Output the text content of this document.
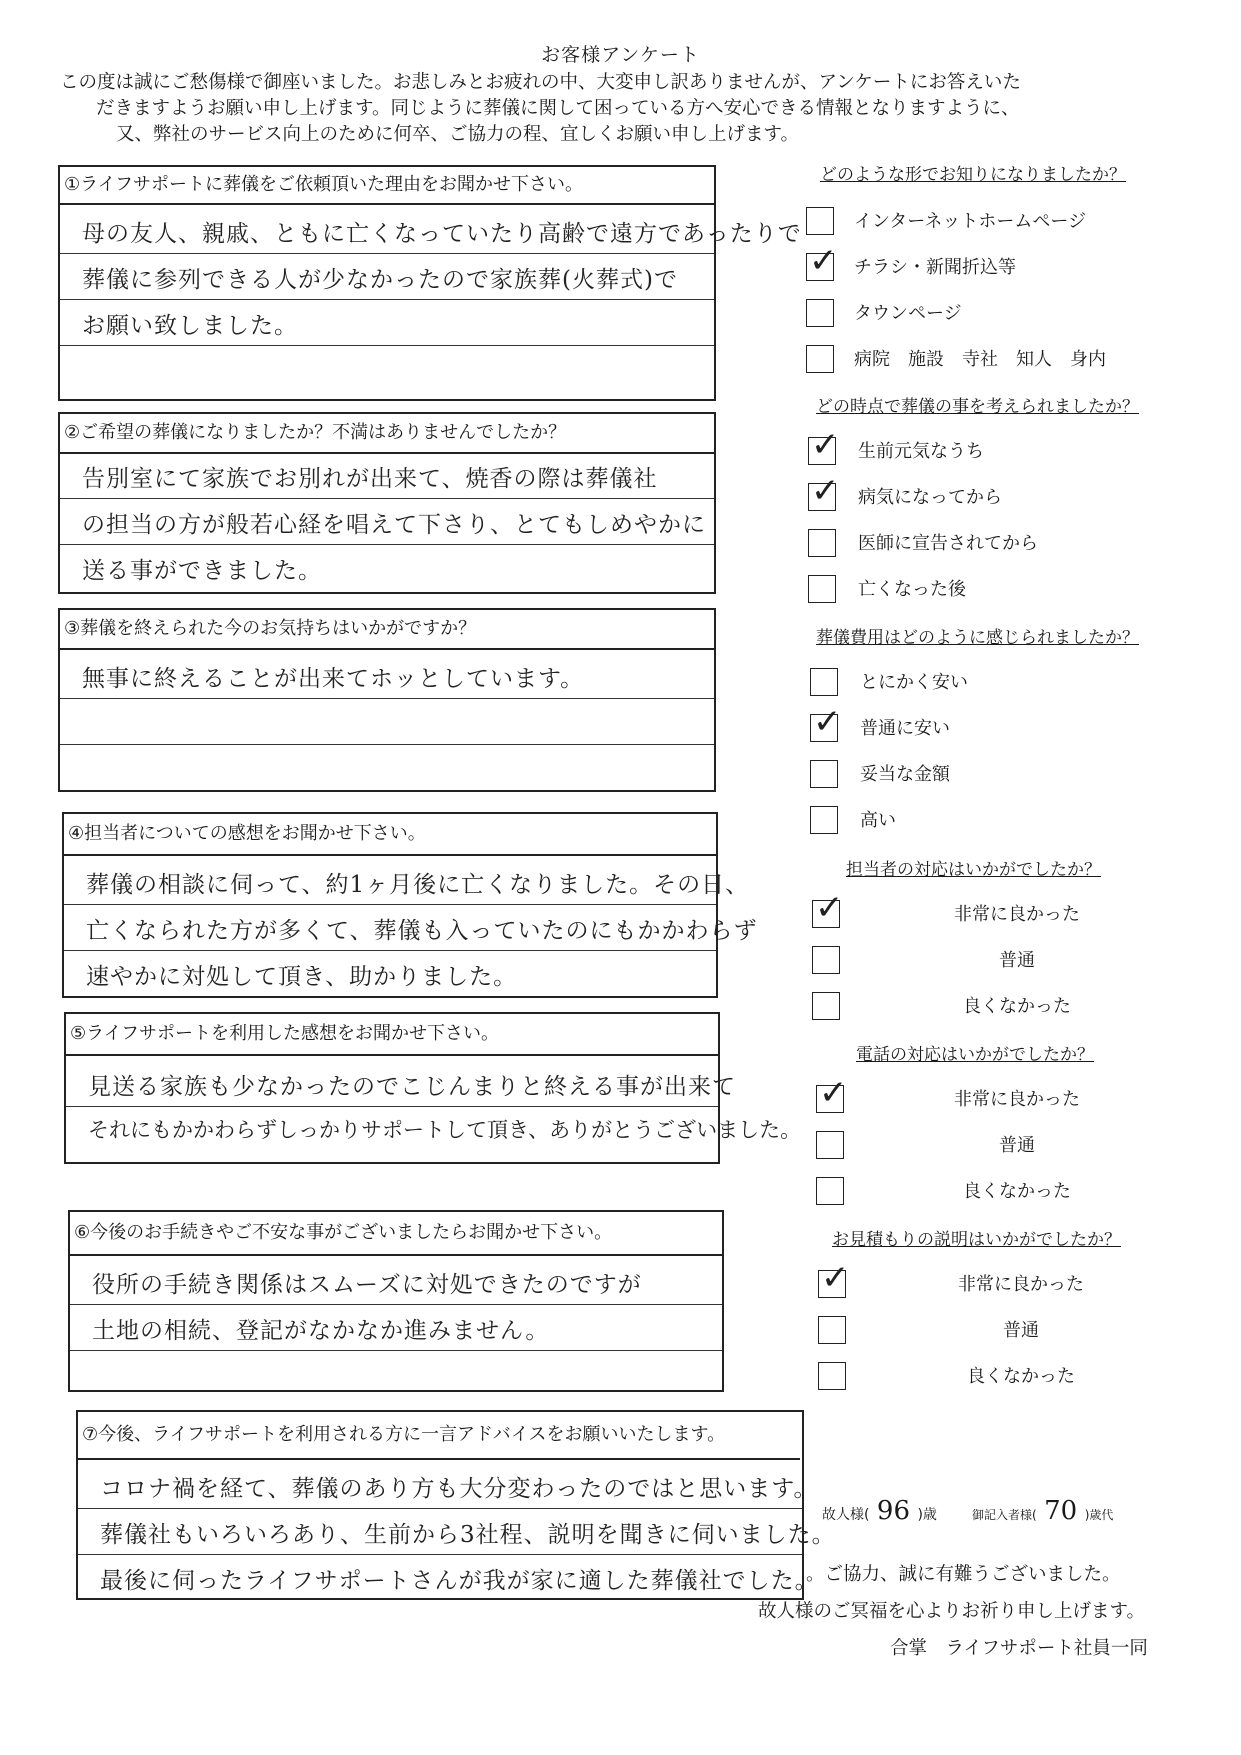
お客様アンケート
この度は誠にご愁傷様で御座いました。お悲しみとお疲れの中、大変申し訳ありませんが、アンケートにお答えいた
だきますようお願い申し上げます。同じように葬儀に関して困っている方へ安心できる情報となりますように、
又、弊社のサービス向上のために何卒、ご協力の程、宜しくお願い申し上げます。
①ライフサポートに葬儀をご依頼頂いた理由をお聞かせ下さい。
母の友人、親戚、ともに亡くなっていたり高齢で遠方であったりで
葬儀に参列できる人が少なかったので家族葬(火葬式)で
お願い致しました。
②ご希望の葬儀になりましたか？不満はありませんでしたか？
告別室にて家族でお別れが出来て、焼香の際は葬儀社
の担当の方が般若心経を唱えて下さり、とてもしめやかに
送る事ができました。
③葬儀を終えられた今のお気持ちはいかがですか？
無事に終えることが出来てホッとしています。
④担当者についての感想をお聞かせ下さい。
葬儀の相談に伺って、約1ヶ月後に亡くなりました。その日、
亡くなられた方が多くて、葬儀も入っていたのにもかかわらず
速やかに対処して頂き、助かりました。
⑤ライフサポートを利用した感想をお聞かせ下さい。
見送る家族も少なかったのでこじんまりと終える事が出来て
それにもかかわらずしっかりサポートして頂き、ありがとうございました。
⑥今後のお手続きやご不安な事がございましたらお聞かせ下さい。
役所の手続き関係はスムーズに対処できたのですが
土地の相続、登記がなかなか進みません。
⑦今後、ライフサポートを利用される方に一言アドバイスをお願いいたします。
コロナ禍を経て、葬儀のあり方も大分変わったのではと思います。
葬儀社もいろいろあり、生前から3社程、説明を聞きに伺いました。
最後に伺ったライフサポートさんが我が家に適した葬儀社でした。
どのような形でお知りになりましたか？
インターネットホームページ
✓ チラシ・新聞折込等
タウンページ
病院　施設　寺社　知人　身内
どの時点で葬儀の事を考えられましたか？
✓ 生前元気なうち
✓ 病気になってから
医師に宣告されてから
亡くなった後
葬儀費用はどのように感じられましたか？
とにかく安い
✓ 普通に安い
妥当な金額
高い
担当者の対応はいかがでしたか？
✓	非常に良かった
普通
良くなかった
電話の対応はいかがでしたか？
✓	非常に良かった
普通
良くなかった
お見積もりの説明はいかがでしたか？
✓	非常に良かった
普通
良くなかった
故人様( 96 )歳	御記入者様( 70 )歳代
。ご協力、誠に有難うございました。
故人様のご冥福を心よりお祈り申し上げます。
合掌　ライフサポート社員一同
